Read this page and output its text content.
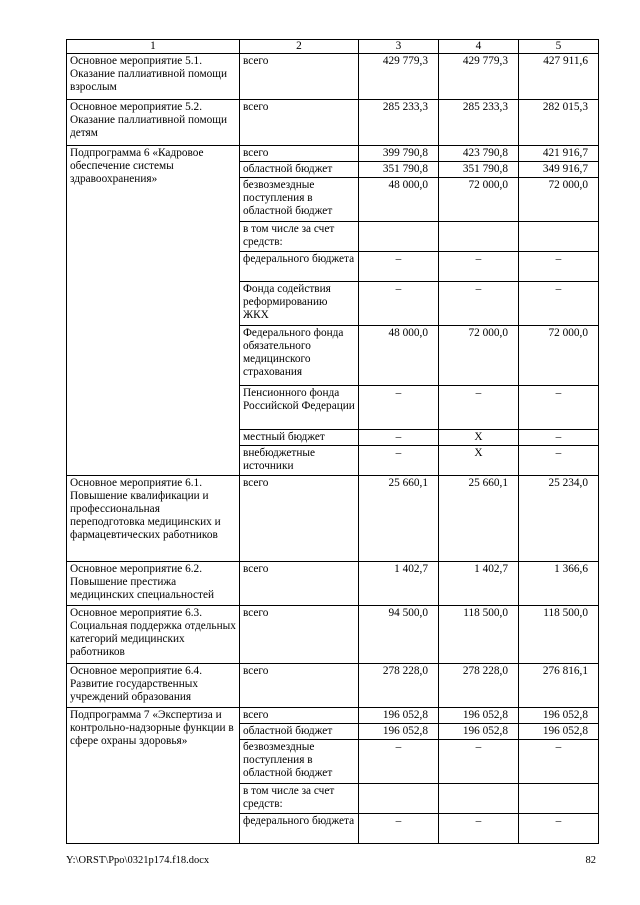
1	2	3	4	5
Основное мероприятие 5.1. Оказание паллиативной помощи взрослым	всего	429 779,3	429 779,3	427 911,6
Основное мероприятие 5.2. Оказание паллиативной помощи детям	всего	285 233,3	285 233,3	282 015,3
Подпрограмма 6 «Кадровое обеспечение системы здравоохранения»	всего	399 790,8	423 790,8	421 916,7
	областной бюджет	351 790,8	351 790,8	349 916,7
	безвозмездные поступления в областной бюджет	48 000,0	72 000,0	72 000,0
	в том числе за счет средств:			
	федерального бюджета	–	–	–
	Фонда содействия реформированию ЖКХ	–	–	–
	Федерального фонда обязательного медицинского страхования	48 000,0	72 000,0	72 000,0
	Пенсионного фонда Российской Федерации	–	–	–
	местный бюджет	–	Х	–
	внебюджетные источники	–	Х	–
Основное мероприятие 6.1. Повышение квалификации и профессиональная переподготовка медицинских и фармацевтических работников	всего	25 660,1	25 660,1	25 234,0
Основное мероприятие 6.2. Повышение престижа медицинских специальностей	всего	1 402,7	1 402,7	1 366,6
Основное мероприятие 6.3. Социальная поддержка отдельных категорий медицинских работников	всего	94 500,0	118 500,0	118 500,0
Основное мероприятие 6.4. Развитие государственных учреждений образования	всего	278 228,0	278 228,0	276 816,1
Подпрограмма 7 «Экспертиза и контрольно-надзорные функции в сфере охраны здоровья»	всего	196 052,8	196 052,8	196 052,8
	областной бюджет	196 052,8	196 052,8	196 052,8
	безвозмездные поступления в областной бюджет	–	–	–
	в том числе за счет средств:			
	федерального бюджета	–	–	–
Y:\ORST\Ppo\0321p174.f18.docx	82
